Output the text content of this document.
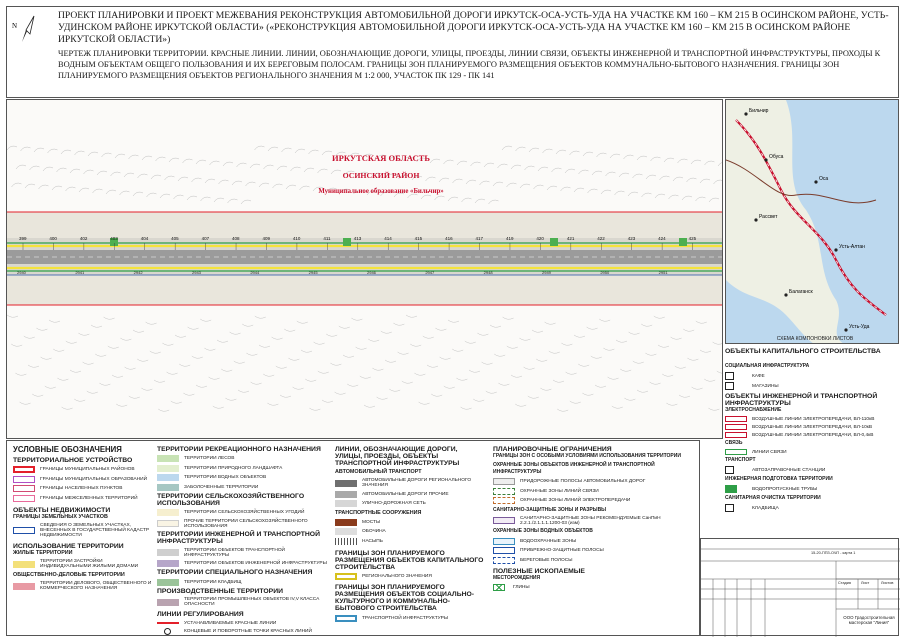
N
ПРОЕКТ ПЛАНИРОВКИ И ПРОЕКТ МЕЖЕВАНИЯ РЕКОНСТРУКЦИЯ АВТОМОБИЛЬНОЙ ДОРОГИ ИРКУТСК-ОСА-УСТЬ-УДА НА УЧАСТКЕ КМ 160 – КМ 215 В ОСИНСКОМ РАЙОНЕ, УСТЬ-УДИНСКОМ РАЙОНЕ ИРКУТСКОЙ ОБЛАСТИ» («РЕКОНСТРУКЦИЯ АВТОМОБИЛЬНОЙ ДОРОГИ ИРКУТСК-ОСА-УСТЬ-УДА НА УЧАСТКЕ КМ 160 – КМ 215 В ОСИНСКОМ РАЙОНЕ ИРКУТСКОЙ ОБЛАСТИ»)
ЧЕРТЕЖ ПЛАНИРОВКИ ТЕРРИТОРИИ. КРАСНЫЕ ЛИНИИ. ЛИНИИ, ОБОЗНАЧАЮЩИЕ ДОРОГИ, УЛИЦЫ, ПРОЕЗДЫ, ЛИНИИ СВЯЗИ, ОБЪЕКТЫ ИНЖЕНЕРНОЙ И ТРАНСПОРТНОЙ ИНФРАСТРУКТУРЫ, ПРОХОДЫ К ВОДНЫМ ОБЪЕКТАМ ОБЩЕГО ПОЛЬЗОВАНИЯ И ИХ БЕРЕГОВЫМ ПОЛОСАМ. ГРАНИЦЫ ЗОН ПЛАНИРУЕМОГО РАЗМЕЩЕНИЯ ОБЪЕКТОВ КОММУНАЛЬНО-БЫТОВОГО НАЗНАЧЕНИЯ. ГРАНИЦЫ ЗОН ПЛАНИРУЕМОГО РАЗМЕЩЕНИЯ ОБЪЕКТОВ РЕГИОНАЛЬНОГО ЗНАЧЕНИЯ М 1:2 000, УЧАСТОК ПК 129 - ПК 141
399	400	402	403	404	405	407	408	409	410	411	413	414	415	416	417	419	420	421	422	423	424	425
2940	2941	2942	2943	2944	2945	2946	2947	2948	2949	2950	2951
ИРКУТСКАЯ ОБЛАСТЬ
ОСИНСКИЙ РАЙОН
Муниципальное образование «Бильчир»
Бильчир
Обуса
Оса
Рассвет
Усть-Алтан
Балаганск
Усть-Уда
СХЕМА КОМПОНОВКИ ЛИСТОВ
УСЛОВНЫЕ ОБОЗНАЧЕНИЯ
ТЕРРИТОРИАЛЬНОЕ УСТРОЙСТВО
ГРАНИЦЫ МУНИЦИПАЛЬНЫХ РАЙОНОВ
ГРАНИЦЫ МУНИЦИПАЛЬНЫХ ОБРАЗОВАНИЙ
ГРАНИЦЫ НАСЕЛЕННЫХ ПУНКТОВ
ГРАНИЦЫ МЕЖСЕЛЕННЫХ ТЕРРИТОРИЙ
ОБЪЕКТЫ НЕДВИЖИМОСТИ
ГРАНИЦЫ ЗЕМЕЛЬНЫХ УЧАСТКОВ
СВЕДЕНИЯ О ЗЕМЕЛЬНЫХ УЧАСТКАХ, ВНЕСЕННЫХ В ГОСУДАРСТВЕННЫЙ КАДАСТР НЕДВИЖИМОСТИ
ИСПОЛЬЗОВАНИЕ ТЕРРИТОРИИ
ЖИЛЫЕ ТЕРРИТОРИИ
ТЕРРИТОРИИ ЗАСТРОЙКИ ИНДИВИДУАЛЬНЫМИ ЖИЛЫМИ ДОМАМИ
ОБЩЕСТВЕННО-ДЕЛОВЫЕ ТЕРРИТОРИИ
ТЕРРИТОРИИ ДЕЛОВОГО, ОБЩЕСТВЕННОГО И КОММЕРЧЕСКОГО НАЗНАЧЕНИЯ
ТЕРРИТОРИИ РЕКРЕАЦИОННОГО НАЗНАЧЕНИЯ
ТЕРРИТОРИИ ЛЕСОВ
ТЕРРИТОРИИ ПРИРОДНОГО ЛАНДШАФТА
ТЕРРИТОРИИ ВОДНЫХ ОБЪЕКТОВ
ЗАБОЛОЧЕННЫЕ ТЕРРИТОРИИ
ТЕРРИТОРИИ СЕЛЬСКОХОЗЯЙСТВЕННОГО ИСПОЛЬЗОВАНИЯ
ТЕРРИТОРИИ СЕЛЬСКОХОЗЯЙСТВЕННЫХ УГОДИЙ
ПРОЧИЕ ТЕРРИТОРИИ СЕЛЬСКОХОЗЯЙСТВЕННОГО ИСПОЛЬЗОВАНИЯ
ТЕРРИТОРИИ ИНЖЕНЕРНОЙ И ТРАНСПОРТНОЙ ИНФРАСТРУКТУРЫ
ТЕРРИТОРИИ ОБЪЕКТОВ ТРАНСПОРТНОЙ ИНФРАСТРУКТУРЫ
ТЕРРИТОРИИ ОБЪЕКТОВ ИНЖЕНЕРНОЙ ИНФРАСТРУКТУРЫ
ТЕРРИТОРИИ СПЕЦИАЛЬНОГО НАЗНАЧЕНИЯ
ТЕРРИТОРИИ КЛАДБИЩ
ПРОИЗВОДСТВЕННЫЕ ТЕРРИТОРИИ
ТЕРРИТОРИИ ПРОМЫШЛЕННЫХ ОБЪЕКТОВ IV,V КЛАССА ОПАСНОСТИ
ЛИНИИ РЕГУЛИРОВАНИЯ
УСТАНАВЛИВАЕМЫЕ КРАСНЫЕ ЛИНИИ
КОНЦЕВЫЕ И ПОВОРОТНЫЕ ТОЧКИ КРАСНЫХ ЛИНИЙ
ЛИНИИ, ОБОЗНАЧАЮЩИЕ ДОРОГИ, УЛИЦЫ, ПРОЕЗДЫ, ОБЪЕКТЫ ТРАНСПОРТНОЙ ИНФРАСТРУКТУРЫ
АВТОМОБИЛЬНЫЙ ТРАНСПОРТ
АВТОМОБИЛЬНЫЕ ДОРОГИ РЕГИОНАЛЬНОГО ЗНАЧЕНИЯ
АВТОМОБИЛЬНЫЕ ДОРОГИ ПРОЧИЕ
УЛИЧНО-ДОРОЖНАЯ СЕТЬ
ТРАНСПОРТНЫЕ СООРУЖЕНИЯ
МОСТЫ
ОБОЧИНА
НАСЫПЬ
ГРАНИЦЫ ЗОН ПЛАНИРУЕМОГО РАЗМЕЩЕНИЯ ОБЪЕКТОВ КАПИТАЛЬНОГО СТРОИТЕЛЬСТВА
РЕГИОНАЛЬНОГО ЗНАЧЕНИЯ
ГРАНИЦЫ ЗОН ПЛАНИРУЕМОГО РАЗМЕЩЕНИЯ ОБЪЕКТОВ СОЦИАЛЬНО-КУЛЬТУРНОГО И КОММУНАЛЬНО-БЫТОВОГО СТРОИТЕЛЬСТВА
ТРАНСПОРТНОЙ ИНФРАСТРУКТУРЫ
ПЛАНИРОВОЧНЫЕ ОГРАНИЧЕНИЯ
ГРАНИЦЫ ЗОН С ОСОБЫМИ УСЛОВИЯМИ ИСПОЛЬЗОВАНИЯ ТЕРРИТОРИИ
ОХРАННЫЕ ЗОНЫ ОБЪЕКТОВ ИНЖЕНЕРНОЙ И ТРАНСПОРТНОЙ ИНФРАСТРУКТУРЫ
ПРИДОРОЖНЫЕ ПОЛОСЫ АВТОМОБИЛЬНЫХ ДОРОГ
ОХРАННЫЕ ЗОНЫ ЛИНИЙ СВЯЗИ
ОХРАННЫЕ ЗОНЫ ЛИНИЙ ЭЛЕКТРОПЕРЕДАЧИ
САНИТАРНО-ЗАЩИТНЫЕ ЗОНЫ И РАЗРЫВЫ
САНИТАРНО-ЗАЩИТНЫЕ ЗОНЫ РЕКОМЕНДУЕМЫЕ СанПиН 2.2.1./2.1.1.1.1200-03 (изм)
ОХРАННЫЕ ЗОНЫ ВОДНЫХ ОБЪЕКТОВ
ВОДООХРАННЫЕ ЗОНЫ
ПРИБРЕЖНО-ЗАЩИТНЫЕ ПОЛОСЫ
БЕРЕГОВЫЕ ПОЛОСЫ
ПОЛЕЗНЫЕ ИСКОПАЕМЫЕ
МЕСТОРОЖДЕНИЯ
ГЛИНЫ
ОБЪЕКТЫ КАПИТАЛЬНОГО СТРОИТЕЛЬСТВА
СОЦИАЛЬНАЯ ИНФРАСТРУКТУРА
КАФЕ
МАГАЗИНЫ
ОБЪЕКТЫ ИНЖЕНЕРНОЙ И ТРАНСПОРТНОЙ ИНФРАСТРУКТУРЫ
ЭЛЕКТРОСНАБЖЕНИЕ
ВОЗДУШНЫЕ ЛИНИИ ЭЛЕКТРОПЕРЕДАЧИ, ВЛ-110кВ
ВОЗДУШНЫЕ ЛИНИИ ЭЛЕКТРОПЕРЕДАЧИ, ВЛ-10кВ
ВОЗДУШНЫЕ ЛИНИИ ЭЛЕКТРОПЕРЕДАЧИ, ВЛ-0,4кВ
СВЯЗЬ
ЛИНИИ СВЯЗИ
ТРАНСПОРТ
АВТОЗАПРАВОЧНЫЕ СТАНЦИИ
ИНЖЕНЕРНАЯ ПОДГОТОВКА ТЕРРИТОРИИ
ВОДОПРОПУСКНЫЕ ТРУБЫ
САНИТАРНАЯ ОЧИСТКА ТЕРРИТОРИИ
КЛАДБИЩА
15-20-ППЗ-ОЧП - карта 1
Стадия	Лист	Листов
ООО Градостроительная мастерская "Линия"
